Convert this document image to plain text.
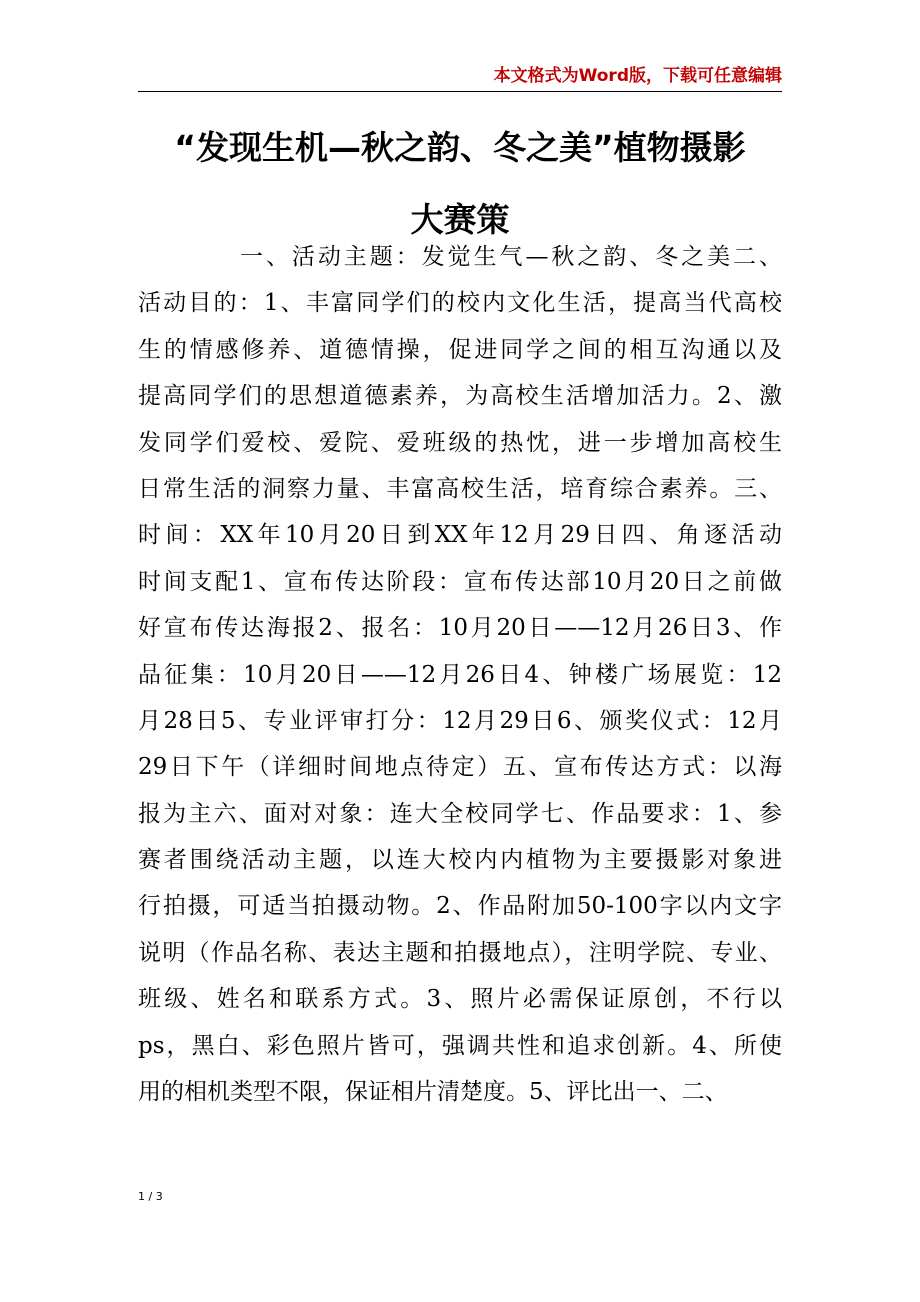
本文格式为Word版，下载可任意编辑
“发现生机—秋之韵、冬之美”植物摄影
大赛策
一、活动主题：发觉生气—秋之韵、冬之美二、
活动目的：1、丰富同学们的校内文化生活，提高当代高校
生的情感修养、道德情操，促进同学之间的相互沟通以及
提高同学们的思想道德素养，为高校生活增加活力。2、激
发同学们爱校、爱院、爱班级的热忱，进一步增加高校生
日常生活的洞察力量、丰富高校生活，培育综合素养。三、
时间：XX年10月20日到XX年12月29日四、角逐活动
时间支配1、宣布传达阶段：宣布传达部10月20日之前做
好宣布传达海报2、报名：10月20日——12月26日3、作
品征集：10月20日——12月26日4、钟楼广场展览：12
月28日5、专业评审打分：12月29日6、颁奖仪式：12月
29日下午（详细时间地点待定）五、宣布传达方式：以海
报为主六、面对对象：连大全校同学七、作品要求：1、参
赛者围绕活动主题，以连大校内内植物为主要摄影对象进
行拍摄，可适当拍摄动物。2、作品附加50-100字以内文字
说明（作品名称、表达主题和拍摄地点），注明学院、专业、
班级、姓名和联系方式。3、照片必需保证原创，不行以
ps，黑白、彩色照片皆可，强调共性和追求创新。4、所使
用的相机类型不限，保证相片清楚度。5、评比出一、二、
1 / 3
